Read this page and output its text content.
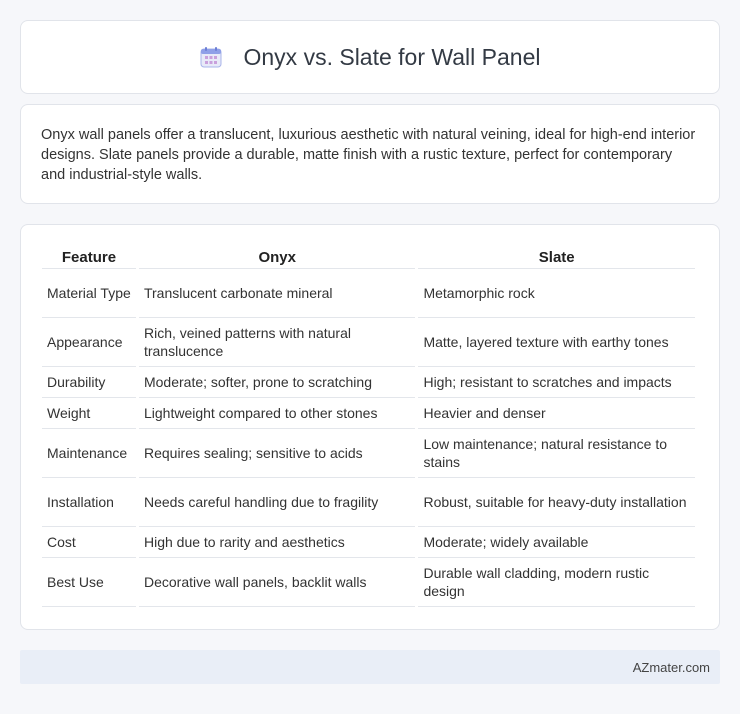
Onyx vs. Slate for Wall Panel

Onyx wall panels offer a translucent, luxurious aesthetic with natural veining, ideal for high-end interior designs. Slate panels provide a durable, matte finish with a rustic texture, perfect for contemporary and industrial-style walls.

Feature	Onyx	Slate
Material Type	Translucent carbonate mineral	Metamorphic rock
Appearance	Rich, veined patterns with natural translucence	Matte, layered texture with earthy tones
Durability	Moderate; softer, prone to scratching	High; resistant to scratches and impacts
Weight	Lightweight compared to other stones	Heavier and denser
Maintenance	Requires sealing; sensitive to acids	Low maintenance; natural resistance to stains
Installation	Needs careful handling due to fragility	Robust, suitable for heavy-duty installation
Cost	High due to rarity and aesthetics	Moderate; widely available
Best Use	Decorative wall panels, backlit walls	Durable wall cladding, modern rustic design
AZmater.com
